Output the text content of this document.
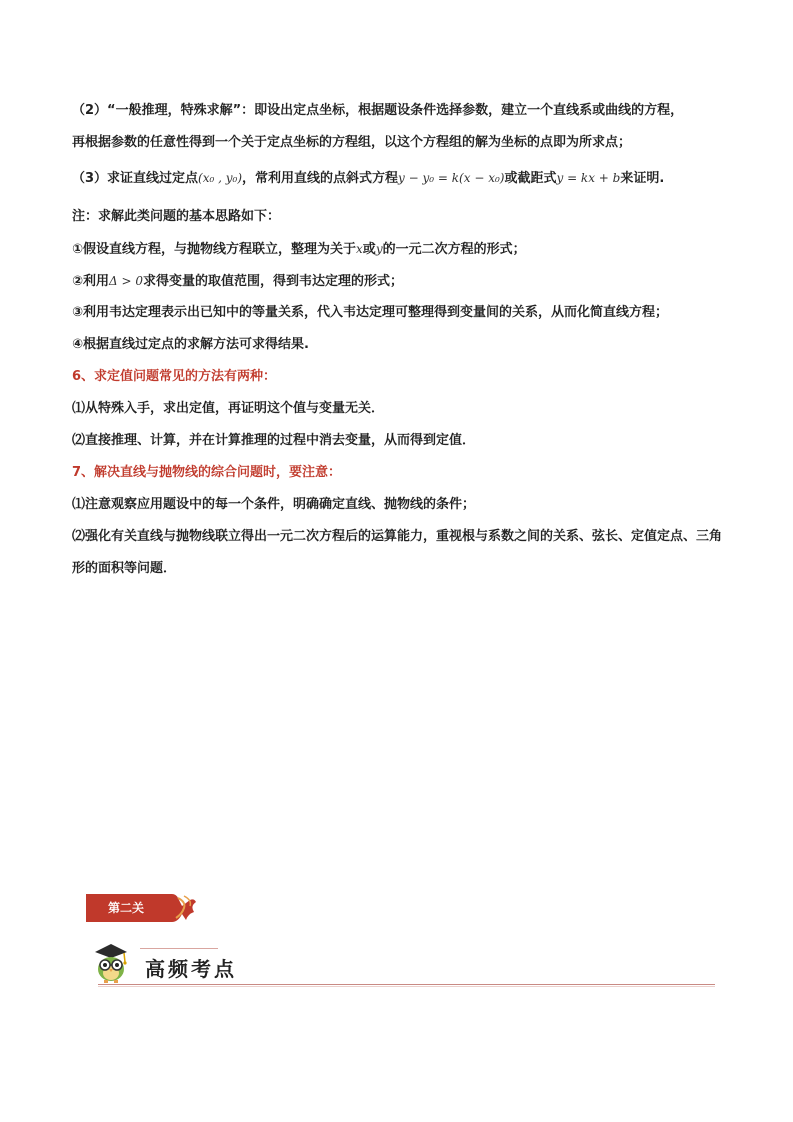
（2）“一般推理，特殊求解”：即设出定点坐标，根据题设条件选择参数，建立一个直线系或曲线的方程，
再根据参数的任意性得到一个关于定点坐标的方程组，以这个方程组的解为坐标的点即为所求点；
（3）求证直线过定点(x₀ , y₀)，常利用直线的点斜式方程y − y₀ = k(x − x₀)或截距式y = kx + b来证明.
注：求解此类问题的基本思路如下：
①假设直线方程，与抛物线方程联立，整理为关于x或y的一元二次方程的形式；
②利用Δ > 0求得变量的取值范围，得到韦达定理的形式；
③利用韦达定理表示出已知中的等量关系，代入韦达定理可整理得到变量间的关系，从而化简直线方程；
④根据直线过定点的求解方法可求得结果.
6、求定值问题常见的方法有两种：
⑴从特殊入手，求出定值，再证明这个值与变量无关．
⑵直接推理、计算，并在计算推理的过程中消去变量，从而得到定值．
7、解决直线与抛物线的综合问题时，要注意：
⑴注意观察应用题设中的每一个条件，明确确定直线、抛物线的条件；
⑵强化有关直线与抛物线联立得出一元二次方程后的运算能力，重视根与系数之间的关系、弦长、定值定点、三角形的面积等问题．
第二关
高频考点
